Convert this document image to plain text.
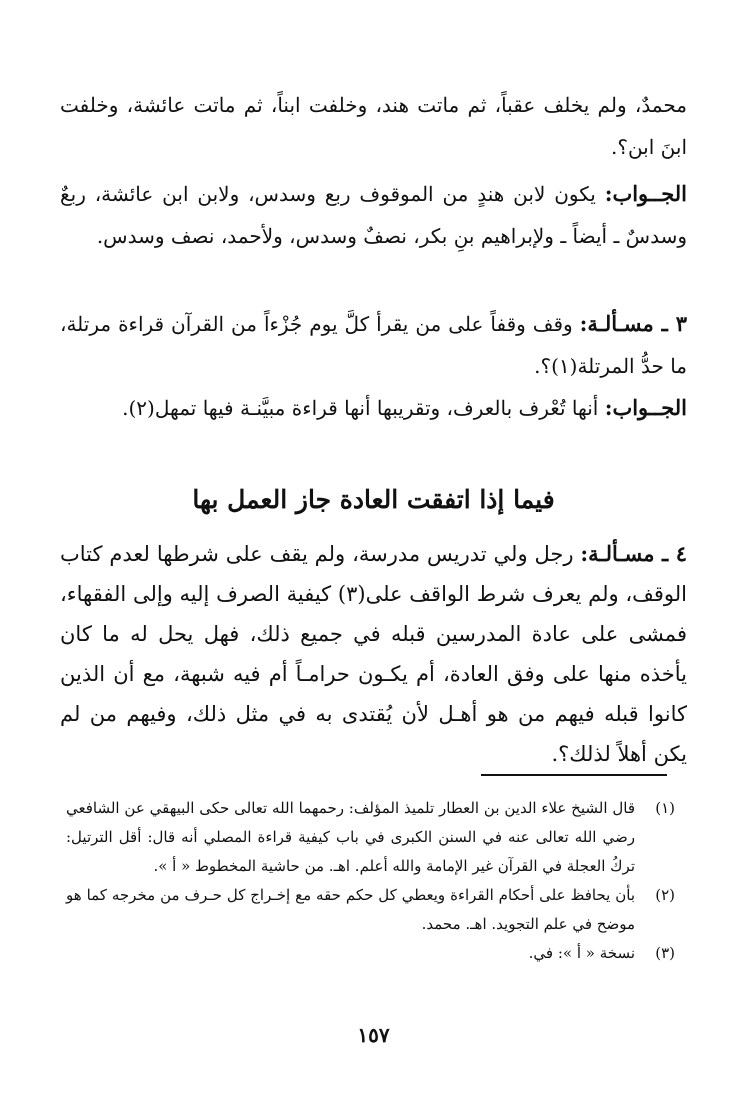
محمدٌ، ولم يخلف عقباً، ثم ماتت هند، وخلفت ابناً، ثم ماتت عائشة، وخلفت ابنَ ابن؟.

الجــواب: يكون لابن هندٍ من الموقوف ربع وسدس، ولابن ابن عائشة، ربعٌ وسدسٌ ـ أيضاً ـ ولإبراهيم بنِ بكر، نصفٌ وسدس، ولأحمد، نصف وسدس.

٣ ـ مسـألـة: وقف وقفاً على من يقرأ كلَّ يوم جُزْءاً من القرآن قراءة مرتلة، ما حدُّ المرتلة(١)؟.

الجــواب: أنها تُعْرف بالعرف، وتقريبها أنها قراءة مبيَّنـة فيها تمهل(٢).

فيما إذا اتفقت العادة جاز العمل بها

٤ ـ مسـألـة: رجل ولي تدريس مدرسة، ولم يقف على شرطها لعدم كتاب الوقف، ولم يعرف شرط الواقف على(٣) كيفية الصرف إليه وإلى الفقهاء، فمشى على عادة المدرسين قبله في جميع ذلك، فهل يحل له ما كان يأخذه منها على وفق العادة، أم يكـون حرامـاً أم فيه شبهة، مع أن الذين كانوا قبله فيهم من هو أهـل لأن يُقتدى به في مثل ذلك، وفيهم من لم يكن أهلاً لذلك؟.

(١)
قال الشيخ علاء الدين بن العطار تلميذ المؤلف: رحمهما الله تعالى حكى البيهقي عن الشافعي رضي الله تعالى عنه في السنن الكبرى في باب كيفية قراءة المصلي أنه قال: أقل الترتيل: تركُ العجلة في القرآن غير الإمامة والله أعلم. اهـ. من حاشية المخطوط « أ ».
(٢)
بأن يحافظ على أحكام القراءة ويعطي كل حكم حقه مع إخـراج كل حـرف من مخرجه كما هو موضح في علم التجويد. اهـ. محمد.
(٣)
نسخة « أ »: في.
١٥٧
